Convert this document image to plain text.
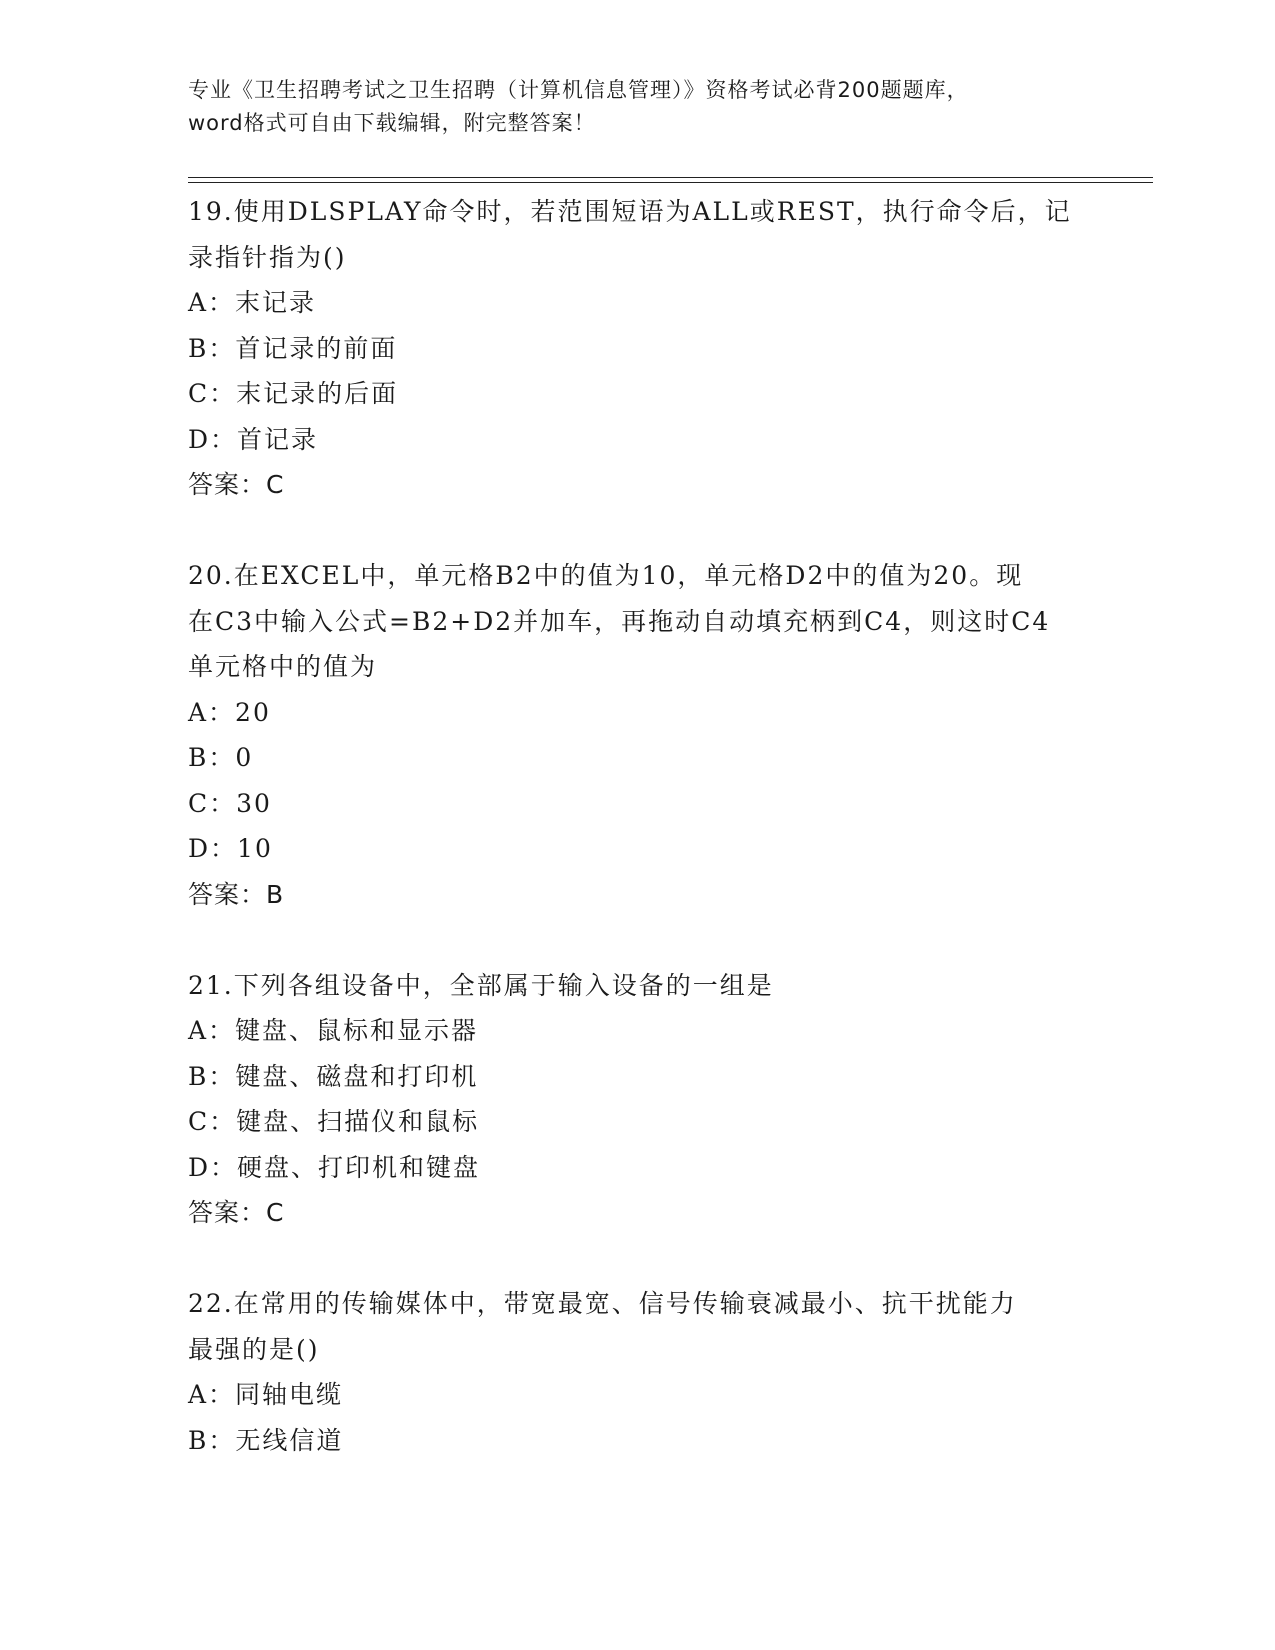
专业《卫生招聘考试之卫生招聘（计算机信息管理）》资格考试必背200题题库，
word格式可自由下载编辑，附完整答案！
19.使用DLSPLAY命令时，若范围短语为ALL或REST，执行命令后，记
录指针指为()
A：末记录
B：首记录的前面
C：末记录的后面
D：首记录
答案：C
20.在EXCEL中，单元格B2中的值为10，单元格D2中的值为20。现
在C3中输入公式=B2+D2并加车，再拖动自动填充柄到C4，则这时C4
单元格中的值为
A：20
B：0
C：30
D：10
答案：B
21.下列各组设备中，全部属于输入设备的一组是
A：键盘、鼠标和显示器
B：键盘、磁盘和打印机
C：键盘、扫描仪和鼠标
D：硬盘、打印机和键盘
答案：C
22.在常用的传输媒体中，带宽最宽、信号传输衰减最小、抗干扰能力
最强的是()
A：同轴电缆
B：无线信道
